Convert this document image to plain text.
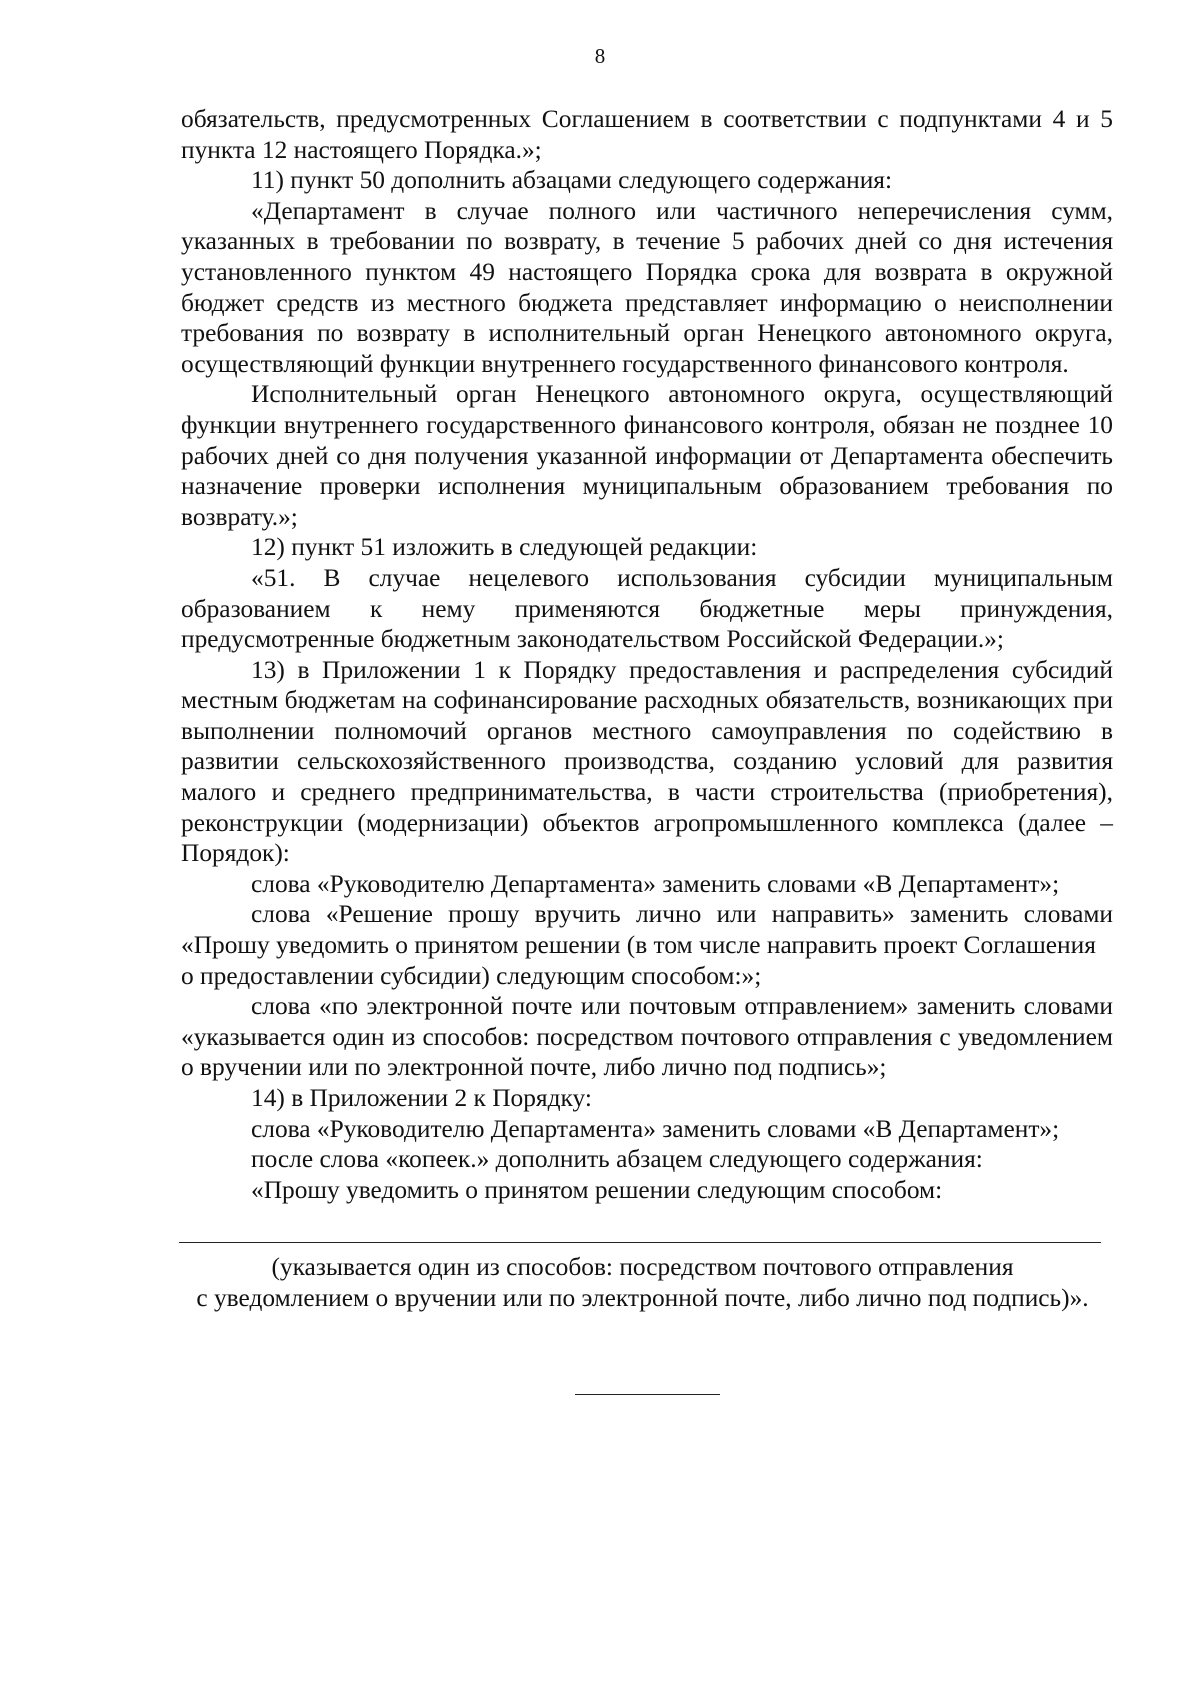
8

обязательств, предусмотренных Соглашением в соответствии с подпунктами 4 и 5 пункта 12 настоящего Порядка.»;

11) пункт 50 дополнить абзацами следующего содержания:

«Департамент в случае полного или частичного неперечисления сумм, указанных в требовании по возврату, в течение 5 рабочих дней со дня истечения установленного пунктом 49 настоящего Порядка срока для возврата в окружной бюджет средств из местного бюджета представляет информацию о неисполнении требования по возврату в исполнительный орган Ненецкого автономного округа, осуществляющий функции внутреннего государственного финансового контроля.

Исполнительный орган Ненецкого автономного округа, осуществляющий функции внутреннего государственного финансового контроля, обязан не позднее 10 рабочих дней со дня получения указанной информации от Департамента обеспечить назначение проверки исполнения муниципальным образованием требования по возврату.»;

12) пункт 51 изложить в следующей редакции:

«51. В случае нецелевого использования субсидии муниципальным образованием к нему применяются бюджетные меры принуждения, предусмотренные бюджетным законодательством Российской Федерации.»;

13) в Приложении 1 к Порядку предоставления и распределения субсидий местным бюджетам на софинансирование расходных обязательств, возникающих при выполнении полномочий органов местного самоуправления по содействию в развитии сельскохозяйственного производства, созданию условий для развития малого и среднего предпринимательства, в части строительства (приобретения), реконструкции (модернизации) объектов агропромышленного комплекса (далее – Порядок):

слова «Руководителю Департамента» заменить словами «В Департамент»;

слова «Решение прошу вручить лично или направить» заменить словами «Прошу уведомить о принятом решении (в том числе направить проект Соглашения

о предоставлении субсидии) следующим способом:»;

слова «по электронной почте или почтовым отправлением» заменить словами «указывается один из способов: посредством почтового отправления с уведомлением о вручении или по электронной почте, либо лично под подпись»;

14) в Приложении 2 к Порядку:

слова «Руководителю Департамента» заменить словами «В Департамент»;

после слова «копеек.» дополнить абзацем следующего содержания:

«Прошу уведомить о принятом решении следующим способом:

(указывается один из способов: посредством почтового отправления
с уведомлением о вручении или по электронной почте, либо лично под подпись)».
